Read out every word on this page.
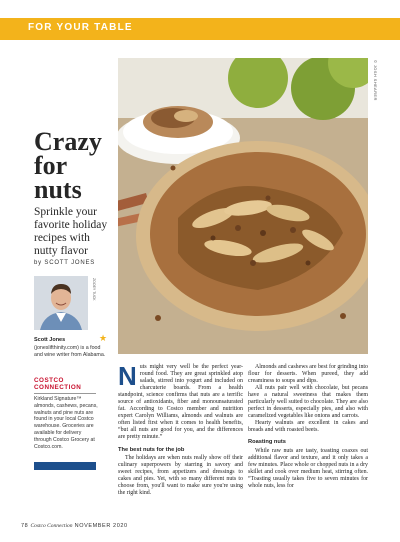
FOR YOUR TABLE
© JOSH SHEARER
Crazy
for
nuts
Sprinkle your favorite holiday recipes with nutty flavor
by SCOTT JONES
ZOOEY TUCK
★
Scott Jones
(joneslifthinity.com) is a food and wine writer from Alabama.
COSTCO CONNECTION
Kirkland Signature™ almonds, cashews, pecans, walnuts and pine nuts are found in your local Costco warehouse. Groceries are available for delivery through Costco Grocery at Costco.com.

Nuts might very well be the perfect year-round food. They are great sprinkled atop salads, stirred into yogurt and included on charcuterie boards. From a health standpoint, science confirms that nuts are a terrific source of antioxidants, fiber and monounsaturated fat. According to Costco member and nutrition expert Carolyn Williams, almonds and walnuts are often listed first when it comes to health benefits, “but all nuts are good for you, and the differences are pretty minute.”

The best nuts for the job

The holidays are when nuts really show off their culinary superpowers by starring in savory and sweet recipes, from appetizers and dressings to cakes and pies. Yet, with so many different nuts to choose from, you'll want to make sure you're using the right kind.

Almonds and cashews are best for grinding into flour for desserts. When pureed, they add creaminess to soups and dips.

All nuts pair well with chocolate, but pecans have a natural sweetness that makes them particularly well suited to chocolate. They are also perfect in desserts, especially pies, and also with caramelized vegetables like onions and carrots.

Hearty walnuts are excellent in cakes and breads and with roasted beets.

Roasting nuts

While raw nuts are tasty, toasting coaxes out additional flavor and texture, and it only takes a few minutes. Place whole or chopped nuts in a dry skillet and cook over medium heat, stirring often. “Toasting usually takes five to seven minutes for whole nuts, less for

78 Costco Connection NOVEMBER 2020
